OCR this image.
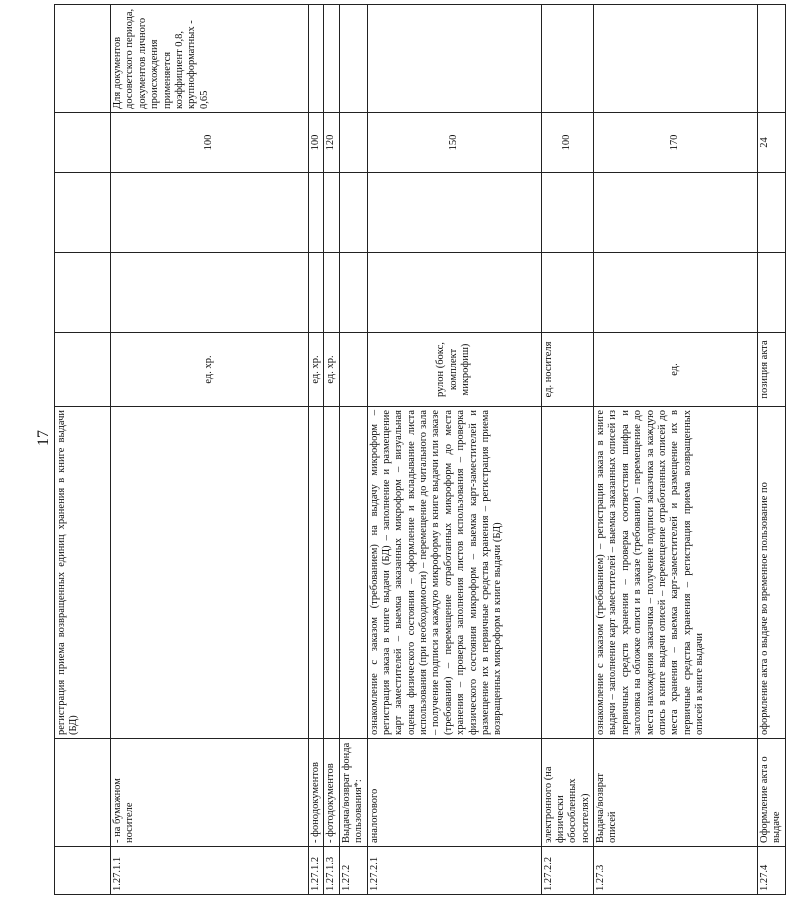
17
		регистрация приема возвращенных единиц хранения в книге выдачи (БД)					
1.27.1.1	- на бумажном носителе		ед. хр.			100	Для документов досоветского периода, документов личного происхождения применяется коэффициент 0,8, крупноформатных - 0,65
1.27.1.2	- фонодокументов		ед. хр.			100	
1.27.1.3	- фотодокументов		ед. хр.			120	
1.27.2	Выдача/возврат фонда пользования*:						
1.27.2.1	аналогового	ознакомление с заказом (требованием) на выдачу микроформ – регистрация заказа в книге выдачи (БД) – заполнение и размещение карт заместителей – выемка заказанных микроформ – визуальная оценка физического состояния – оформление и вкладывание листа использования (при необходимости) – перемещение до читального зала – получение подписи за каждую микроформу в книге выдачи или заказе (требовании) – перемещение отработанных микроформ до места хранения – проверка заполнения листов использования – проверка физического состояния микроформ – выемка карт-заместителей и размещение их в первичные средства хранения – регистрация приема возвращенных микроформ в книге выдачи (БД)	рулон (бокс, комплект микрофиш)			150	
1.27.2.2	электронного (на физически обособленных носителях)		ед. носителя			100	
1.27.3	Выдача/возврат описей	ознакомление с заказом (требованием) – регистрация заказа в книге выдачи – заполнение карт заместителей – выемка заказанных описей из первичных средств хранения – проверка соответствия шифра и заголовка на обложке описи и в заказе (требовании) – перемещение до места нахождения заказчика – получение подписи заказчика за каждую опись в книге выдачи описей – перемещение отработанных описей до места хранения – выемка карт-заместителей и размещение их в первичные средства хранения – регистрация приема возвращенных описей в книге выдачи	ед.			170	
1.27.4	Оформление акта о выдаче	оформление акта о выдаче во временное пользование по	позиция акта			24	
